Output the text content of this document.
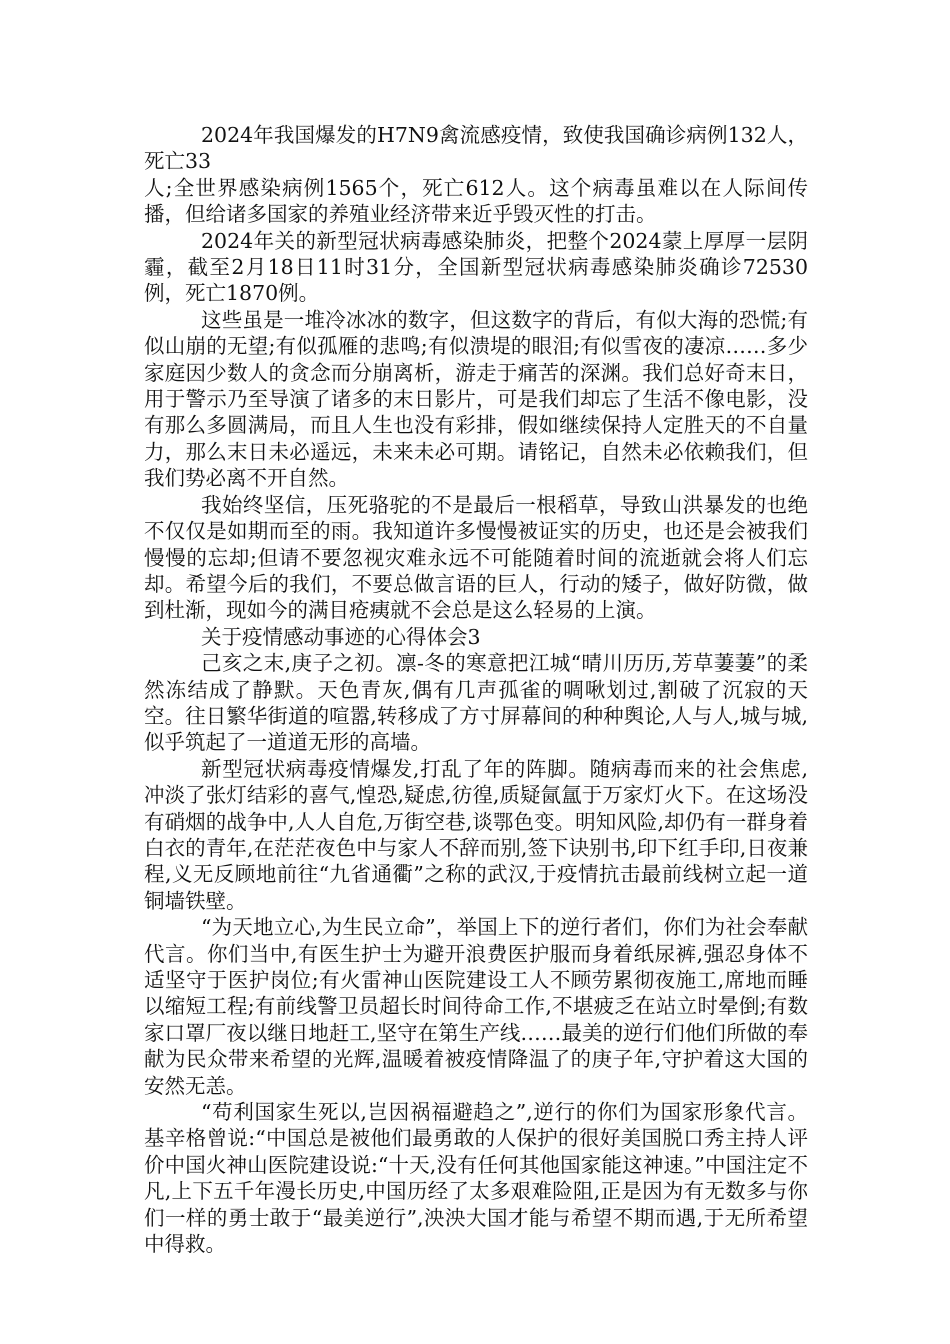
2024年我国爆发的H7N9禽流感疫情，致使我国确诊病例132人，死亡33

人;全世界感染病例1565个，死亡612人。这个病毒虽难以在人际间传播，但给诸多国家的养殖业经济带来近乎毁灭性的打击。

2024年关的新型冠状病毒感染肺炎，把整个2024蒙上厚厚一层阴霾，截至2月18日11时31分，全国新型冠状病毒感染肺炎确诊72530例，死亡1870例。

这些虽是一堆冷冰冰的数字，但这数字的背后，有似大海的恐慌;有似山崩的无望;有似孤雁的悲鸣;有似溃堤的眼泪;有似雪夜的凄凉……多少家庭因少数人的贪念而分崩离析，游走于痛苦的深渊。我们总好奇末日，用于警示乃至导演了诸多的末日影片，可是我们却忘了生活不像电影，没有那么多圆满局，而且人生也没有彩排，假如继续保持人定胜天的不自量力，那么末日未必遥远，未来未必可期。请铭记，自然未必依赖我们，但我们势必离不开自然。

我始终坚信，压死骆驼的不是最后一根稻草，导致山洪暴发的也绝不仅仅是如期而至的雨。我知道许多慢慢被证实的历史，也还是会被我们慢慢的忘却;但请不要忽视灾难永远不可能随着时间的流逝就会将人们忘却。希望今后的我们，不要总做言语的巨人，行动的矮子，做好防微，做到杜渐，现如今的满目疮痍就不会总是这么轻易的上演。

关于疫情感动事迹的心得体会3

己亥之末,庚子之初。凛-冬的寒意把江城“晴川历历,芳草萋萋”的柔然冻结成了静默。天色青灰,偶有几声孤雀的啁啾划过,割破了沉寂的天空。往日繁华街道的喧嚣,转移成了方寸屏幕间的种种舆论,人与人,城与城,似乎筑起了一道道无形的高墙。

新型冠状病毒疫情爆发,打乱了年的阵脚。随病毒而来的社会焦虑,冲淡了张灯结彩的喜气,惶恐,疑虑,彷徨,质疑氤氲于万家灯火下。在这场没有硝烟的战争中,人人自危,万街空巷,谈鄂色变。明知风险,却仍有一群身着白衣的青年,在茫茫夜色中与家人不辞而别,签下诀别书,印下红手印,日夜兼程,义无反顾地前往“九省通衢”之称的武汉,于疫情抗击最前线树立起一道铜墙铁壁。

“为天地立心,为生民立命”，举国上下的逆行者们，你们为社会奉献代言。你们当中,有医生护士为避开浪费医护服而身着纸尿裤,强忍身体不适坚守于医护岗位;有火雷神山医院建设工人不顾劳累彻夜施工,席地而睡以缩短工程;有前线警卫员超长时间待命工作,不堪疲乏在站立时晕倒;有数家口罩厂夜以继日地赶工,坚守在第生产线……最美的逆行们他们所做的奉献为民众带来希望的光辉,温暖着被疫情降温了的庚子年,守护着这大国的安然无恙。

“苟利国家生死以,岂因祸福避趋之”,逆行的你们为国家形象代言。基辛格曾说:“中国总是被他们最勇敢的人保护的很好美国脱口秀主持人评价中国火神山医院建设说:“十天,没有任何其他国家能这神速。”中国注定不凡,上下五千年漫长历史,中国历经了太多艰难险阻,正是因为有无数多与你们一样的勇士敢于“最美逆行”,泱泱大国才能与希望不期而遇,于无所希望中得救。
